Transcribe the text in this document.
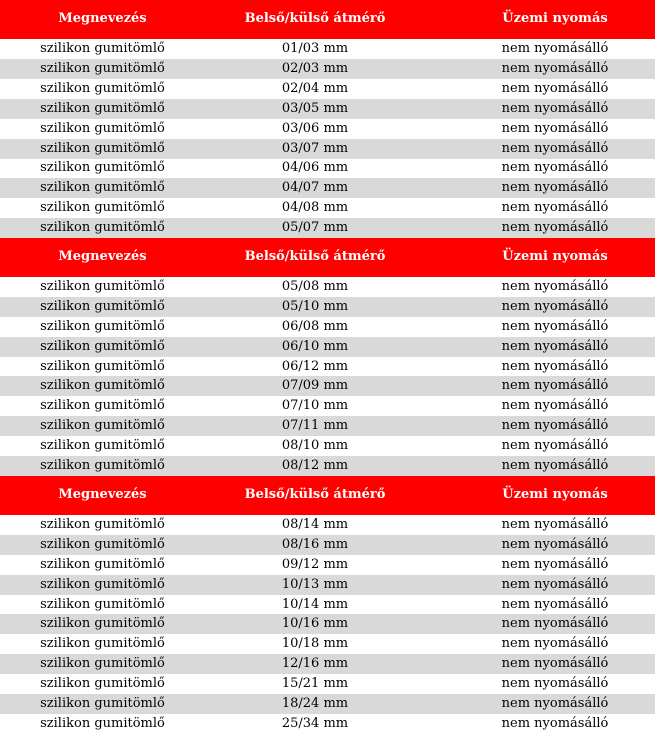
Megnevezés	Belső/külső átmérő	Üzemi nyomás
szilikon gumitömlő	01/03 mm	nem nyomásálló
szilikon gumitömlő	02/03 mm	nem nyomásálló
szilikon gumitömlő	02/04 mm	nem nyomásálló
szilikon gumitömlő	03/05 mm	nem nyomásálló
szilikon gumitömlő	03/06 mm	nem nyomásálló
szilikon gumitömlő	03/07 mm	nem nyomásálló
szilikon gumitömlő	04/06 mm	nem nyomásálló
szilikon gumitömlő	04/07 mm	nem nyomásálló
szilikon gumitömlő	04/08 mm	nem nyomásálló
szilikon gumitömlő	05/07 mm	nem nyomásálló
Megnevezés	Belső/külső átmérő	Üzemi nyomás
szilikon gumitömlő	05/08 mm	nem nyomásálló
szilikon gumitömlő	05/10 mm	nem nyomásálló
szilikon gumitömlő	06/08 mm	nem nyomásálló
szilikon gumitömlő	06/10 mm	nem nyomásálló
szilikon gumitömlő	06/12 mm	nem nyomásálló
szilikon gumitömlő	07/09 mm	nem nyomásálló
szilikon gumitömlő	07/10 mm	nem nyomásálló
szilikon gumitömlő	07/11 mm	nem nyomásálló
szilikon gumitömlő	08/10 mm	nem nyomásálló
szilikon gumitömlő	08/12 mm	nem nyomásálló
Megnevezés	Belső/külső átmérő	Üzemi nyomás
szilikon gumitömlő	08/14 mm	nem nyomásálló
szilikon gumitömlő	08/16 mm	nem nyomásálló
szilikon gumitömlő	09/12 mm	nem nyomásálló
szilikon gumitömlő	10/13 mm	nem nyomásálló
szilikon gumitömlő	10/14 mm	nem nyomásálló
szilikon gumitömlő	10/16 mm	nem nyomásálló
szilikon gumitömlő	10/18 mm	nem nyomásálló
szilikon gumitömlő	12/16 mm	nem nyomásálló
szilikon gumitömlő	15/21 mm	nem nyomásálló
szilikon gumitömlő	18/24 mm	nem nyomásálló
szilikon gumitömlő	25/34 mm	nem nyomásálló
